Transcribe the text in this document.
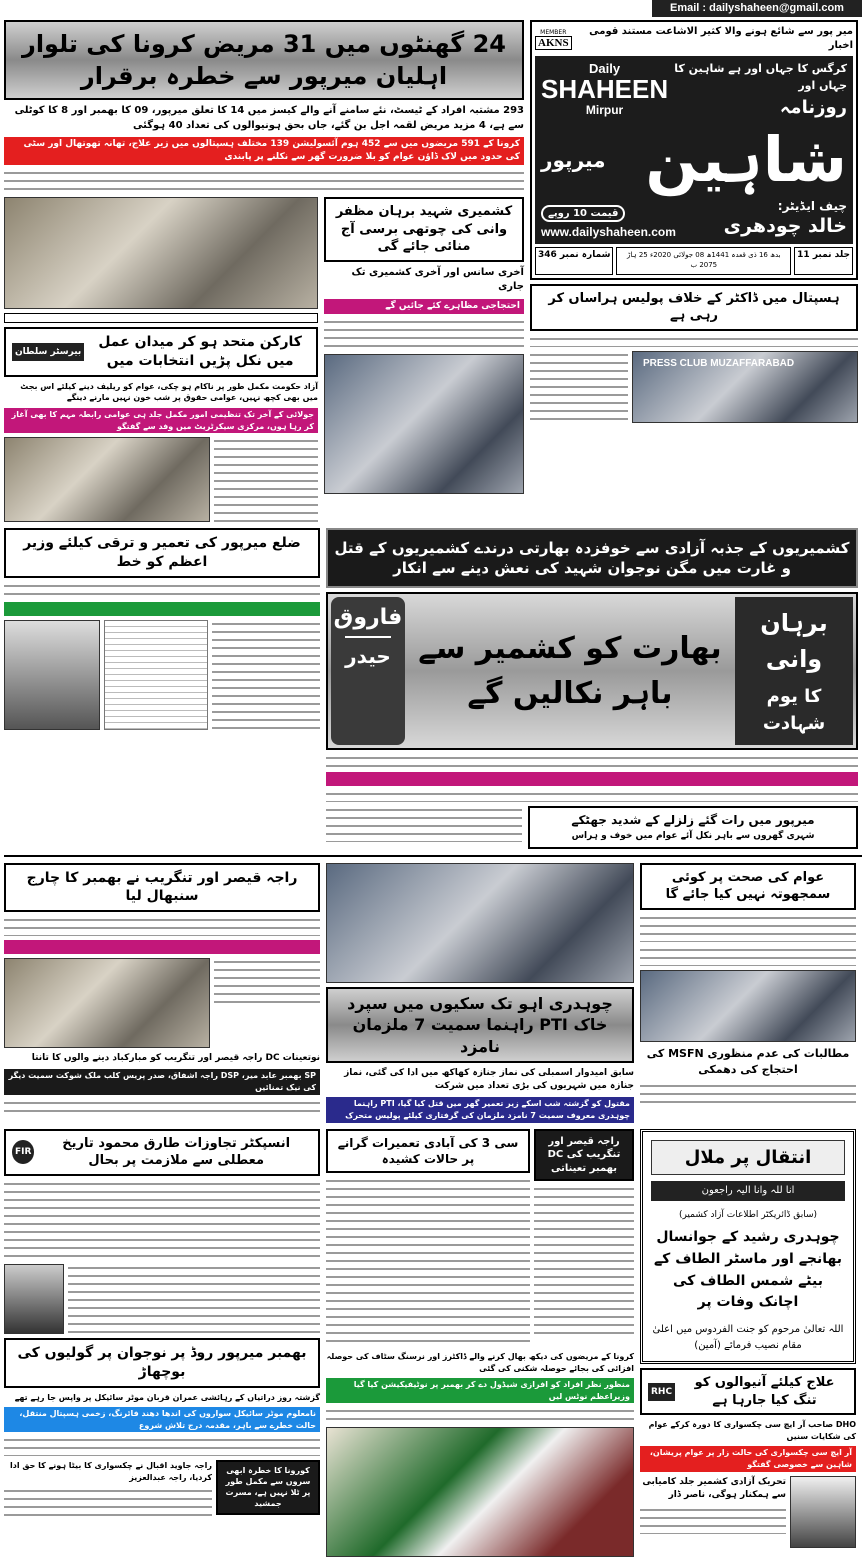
Email : dailyshaheen@gmail.com
24 گھنٹوں میں 31 مریض کرونا کی تلوار اہلیان میرپور سے خطرہ برقرار
293 مشتبہ افراد کے ٹیسٹ، نئے سامنے آنے والے کیسز میں 14 کا تعلق میرپور، 09 کا بھمبر اور 8 کا کوٹلی سے ہے، 4 مزید مریض لقمہ اجل بن گئے، جاں بحق ہونیوالوں کی تعداد 40 ہوگئی
کرونا کے 591 مریضوں میں سے 452 ہوم آئسولیشن 139 مختلف ہسپتالوں میں زیر علاج، تھانہ تھوتھال اور سٹی کی حدود میں لاک ڈاؤن عوام کو بلا ضرورت گھر سے نکلنے پر پابندی
کارکن متحد ہو کر میدان عمل میں نکل پڑیں انتخابات میں
بیرسٹر سلطان
آزاد حکومت مکمل طور پر ناکام ہو چکی، عوام کو ریلیف دینے کیلئے اس بجٹ میں بھی کچھ نہیں، عوامی حقوق پر شب خون نہیں مارنے دینگے
جولائی کے آخر تک تنظیمی امور مکمل جلد ہی عوامی رابطہ مہم کا بھی آغاز کر رہا ہوں، مرکزی سیکرٹریٹ میں وفد سے گفتگو
کشمیری شہید برہان مظفر وانی کی چوتھی برسی آج منائی جائے گی
آخری سانس اور آخری کشمیری تک جاری
احتجاجی مظاہرے کئے جائیں گے
MEMBER
AKNS
میر پور سے شائع ہونے والا کثیر الاشاعت مستند قومی اخبار
Daily
SHAHEEN
Mirpur
کرگس کا جہاں اور ہے شاہین کا جہاں اور
روزنامہ
میرپور شاہین
قیمت 10 روپے
www.dailyshaheen.com
چیف ایڈیٹر:
خالد چودھری
جلد نمبر 11
بدھ 16 ذی قعدہ 1441ھ 08 جولائی 2020ء 25 ہاڑ 2075 ب
شمارہ نمبر 346
ہسپتال میں ڈاکٹر کے خلاف پولیس ہراساں کر رہی ہے
PRESS CLUB MUZAFFARABAD
ضلع میرپور کی تعمیر و ترقی کیلئے وزیر اعظم کو خط
کشمیریوں کے جذبہ آزادی سے خوفزدہ بھارتی درندے کشمیریوں کے قتل و غارت میں مگن نوجوان شہید کی نعش دینے سے انکار
فاروق
حیدر بھارت کو کشمیر سے باہر نکالیں گے
برہان وانی
کا یوم شہادت
میرپور میں رات گئے زلزلے کے شدید جھٹکے
شہری گھروں سے باہر نکل آئے عوام میں خوف و ہراس
راجہ قیصر اور تنگریب نے بھمبر کا چارج سنبھال لیا
نوتعینات DC راجہ قیصر اور تنگریب کو مبارکباد دینے والوں کا تانتا
SP بھمبر عابد میر، DSP راجہ اشفاق، صدر پریس کلب ملک شوکت سمیت دیگر کی نیک تمنائیں
چوہدری اہو تک سکیوں میں سپرد خاک PTI راہنما سمیت 7 ملزمان نامزد
سابق امیدوار اسمبلی کی نماز جنازہ کھاکھ میں ادا کی گئی، نماز جنازہ میں شہریوں کی بڑی تعداد میں شرکت
مقتول کو گزشتہ شب اسکے زیر تعمیر گھر میں قتل کیا گیا، PTI راہنما چوہدری معروف سمیت 7 نامزد ملزمان کی گرفتاری کیلئے پولیس متحرک
عوام کی صحت پر کوئی سمجھوتہ نہیں کیا جائے گا
مطالبات کی عدم منظوری MSFN کی احتجاج کی دھمکی
انسپکٹر تجاوزات طارق محمود تاریخ معطلی سے ملازمت پر بحال
FIR
بھمبر میرپور روڈ پر نوجوان پر گولیوں کی بوچھاڑ
گزشتہ روز دراتیاں کے رہائشی عمران قربان موٹر سائیکل پر واپس جا رہے تھے
نامعلوم موٹر سائیکل سواروں کی اندھا دھند فائرنگ، زخمی ہسپتال منتقل، حالت خطرے سے باہر، مقدمہ درج تلاش شروع
راجہ جاوید اقبال نے چکسواری کا بیٹا ہونے کا حق ادا کردیا، راجہ عبدالعزیز
کورونا کا خطرہ ابھی سروں سے مکمل طور پر ٹلا نہیں ہے، مسرت جمشید
سی 3 کی آبادی تعمیرات گرانے پر حالات کشیدہ
راجہ قیصر اور تنگریب کی DC بھمبر تعیناتی
کرونا کے مریضوں کی دیکھ بھال کرنے والے ڈاکٹرز اور نرسنگ سٹاف کی حوصلہ افزائی کی بجائے حوصلہ شکنی کی گئی
منظور نظر افراد کو افرازی شیڈول دے کر بھمبر پر نوٹیفیکیشن کیا گیا وزیراعظم نوٹس لیں
انتقال پر ملال
انا للہ وانا الیہ راجعون
(سابق ڈائریکٹر اطلاعات آزاد کشمیر)
چوہدری رشید کے جوانسال بھانجے اور ماسٹر الطاف کے بیٹے شمس الطاف کی اچانک وفات پر
اللہ تعالیٰ مرحوم کو جنت الفردوس میں اعلیٰ مقام نصیب فرمائے (آمین)
علاج کیلئے آنیوالوں کو تنگ کیا جارہا ہے
RHC
DHO صاحب آر ایچ سی چکسواری کا دورہ کرکے عوام کی شکایات سنیں
آر ایچ سی چکسواری کی حالت زار پر عوام پریشان، شاہین سے خصوصی گفتگو
تحریک آزادی کشمیر جلد کامیابی سے ہمکنار ہوگی، ناصر ڈار
